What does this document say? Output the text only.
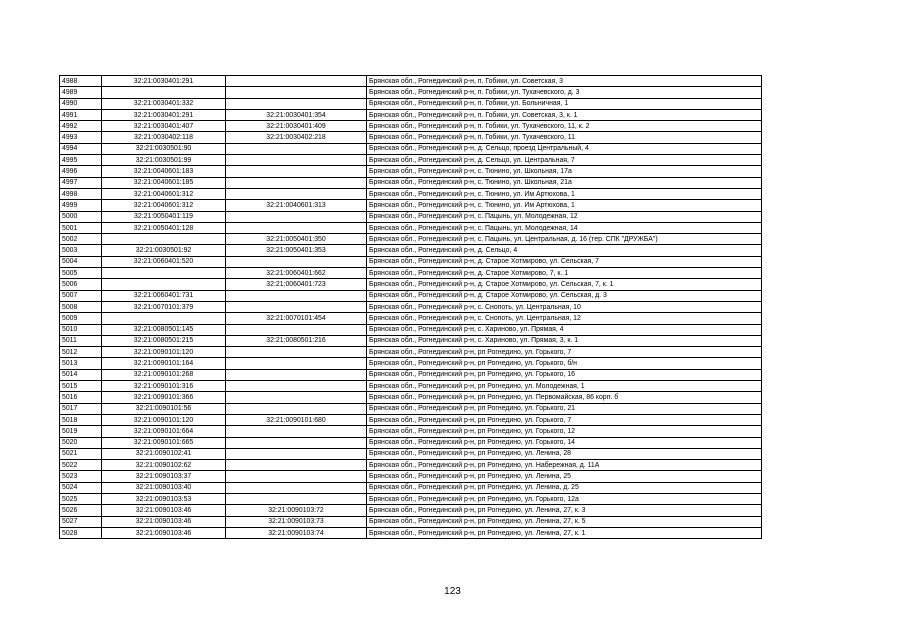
4988	32:21:0030401:291		Брянская обл., Рогнединский р-н, п. Гобики, ул. Советская, 3
4989			Брянская обл., Рогнединский р-н, п. Гобики, ул. Тухачевского, д. 3
4990	32:21:0030401:332		Брянская обл., Рогнединский р-н, п. Гобики, ул. Больничная, 1
4991	32:21:0030401:291	32:21:0030401:354	Брянская обл., Рогнединский р-н, п. Гобики, ул. Советская, 3, к. 1
4992	32:21:0030401:407	32:21:0030401:409	Брянская обл., Рогнединский р-н, п. Гобики, ул. Тухачевского, 11, к. 2
4993	32:21:0030402:118	32:21:0030402:218	Брянская обл., Рогнединский р-н, п. Гобики, ул. Тухачевского, 11
4994	32:21:0030501:90		Брянская обл., Рогнединский р-н, д. Сельцо, проезд Центральный, 4
4995	32:21:0030501:99		Брянская обл., Рогнединский р-н, д. Сельцо, ул. Центральная, 7
4996	32:21:0040601:183		Брянская обл., Рогнединский р-н, с. Тюнино, ул. Школьная, 17а
4997	32:21:0040601:185		Брянская обл., Рогнединский р-н, с. Тюнино, ул. Школьная, 21а
4998	32:21:0040601:312		Брянская обл., Рогнединский р-н, с. Тюнино, ул. Им Артюхова, 1
4999	32:21:0040601:312	32:21:0040601:313	Брянская обл., Рогнединский р-н, с. Тюнино, ул. Им Артюхова, 1
5000	32:21:0050401:119		Брянская обл., Рогнединский р-н, с. Пацынь, ул. Молодежная, 12
5001	32:21:0050401:128		Брянская обл., Рогнединский р-н, с. Пацынь, ул. Молодежная, 14
5002		32:21:0050401:350	Брянская обл., Рогнединский р-н, с. Пацынь, ул. Центральная, д. 16 (тер. СПК "ДРУЖБА")
5003	32:21:0030501:92	32:21:0050401:353	Брянская обл., Рогнединский р-н, д. Сельцо, 4
5004	32:21:0060401:520		Брянская обл., Рогнединский р-н, д. Старое Хотмирово, ул. Сельская, 7
5005		32:21:0060401:662	Брянская обл., Рогнединский р-н, д. Старое Хотмирово, 7, к. 1
5006		32:21:0060401:723	Брянская обл., Рогнединский р-н, д. Старое Хотмирово, ул. Сельская, 7, к. 1
5007	32:21:0060401:731		Брянская обл., Рогнединский р-н, д. Старое Хотмирово, ул. Сельская, д. 3
5008	32:21:0070101:379		Брянская обл., Рогнединский р-н, с. Снопоть, ул. Центральная, 10
5009		32:21:0070101:454	Брянская обл., Рогнединский р-н, с. Снопоть, ул. Центральная, 12
5010	32:21:0080501:145		Брянская обл., Рогнединский р-н, с. Хариново, ул. Прямая, 4
5011	32:21:0080501:215	32:21:0080501:216	Брянская обл., Рогнединский р-н, с. Хариново, ул. Прямая, 3, к. 1
5012	32:21:0090101:120		Брянская обл., Рогнединский р-н, рп Рогнедино, ул. Горького, 7
5013	32:21:0090101:164		Брянская обл., Рогнединский р-н, рп Рогнедино, ул. Горького, б/н
5014	32:21:0090101:268		Брянская обл., Рогнединский р-н, рп Рогнедино, ул. Горького, 16
5015	32:21:0090101:316		Брянская обл., Рогнединский р-н, рп Рогнедино, ул. Молодежная, 1
5016	32:21:0090101:366		Брянская обл., Рогнединский р-н, рп Рогнедино, ул. Первомайская, 86 корп. б
5017	32:21:0090101:56		Брянская обл., Рогнединский р-н, рп Рогнедино, ул. Горького, 21
5018	32:21:0090101:120	32:21:0090101:680	Брянская обл., Рогнединский р-н, рп Рогнедино, ул. Горького, 7
5019	32:21:0090101:664		Брянская обл., Рогнединский р-н, рп Рогнедино, ул. Горького, 12
5020	32:21:0090101:665		Брянская обл., Рогнединский р-н, рп Рогнедино, ул. Горького, 14
5021	32:21:0090102:41		Брянская обл., Рогнединский р-н, рп Рогнедино, ул. Ленина, 28
5022	32:21:0090102:62		Брянская обл., Рогнединский р-н, рп Рогнедино, ул. Набережная, д. 11А
5023	32:21:0090103:37		Брянская обл., Рогнединский р-н, рп Рогнедино, ул. Ленина, 25
5024	32:21:0090103:40		Брянская обл., Рогнединский р-н, рп Рогнедино, ул. Ленина, д. 25
5025	32:21:0090103:53		Брянская обл., Рогнединский р-н, рп Рогнедино, ул. Горького, 12а
5026	32:21:0090103:46	32:21:0090103:72	Брянская обл., Рогнединский р-н, рп Рогнедино, ул. Ленина, 27, к. 3
5027	32:21:0090103:46	32:21:0090103:73	Брянская обл., Рогнединский р-н, рп Рогнедино, ул. Ленина, 27, к. 5
5028	32:21:0090103:46	32:21:0090103:74	Брянская обл., Рогнединский р-н, рп Рогнедино, ул. Ленина, 27, к. 1
123
